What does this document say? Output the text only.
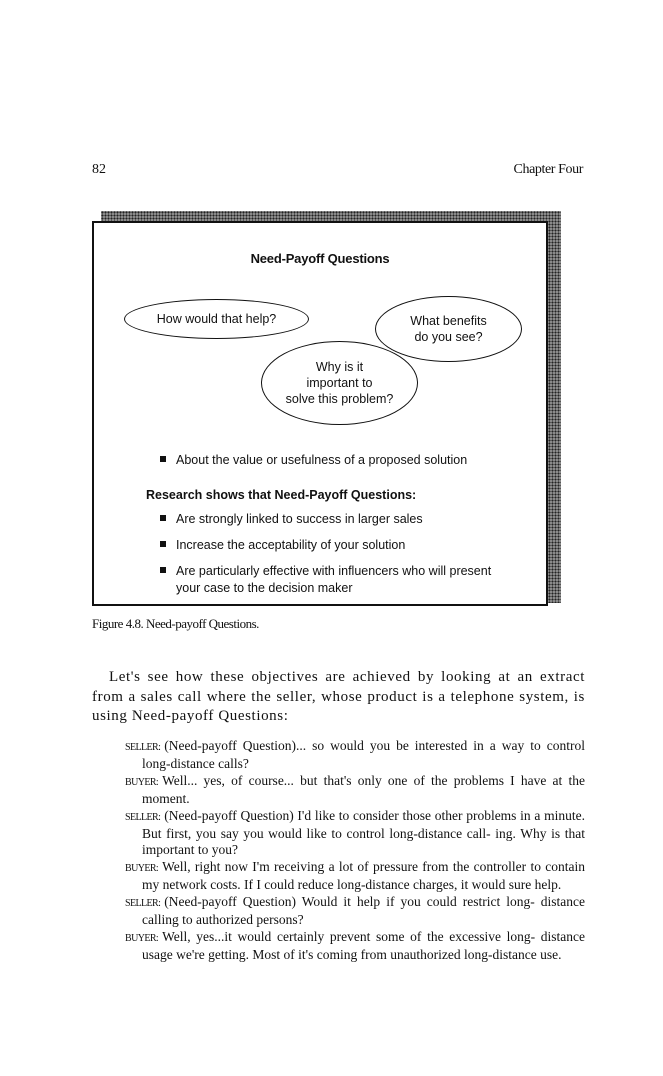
82	Chapter Four
Need-Payoff Questions
How would that help?	What benefits
do you see?
Why is it
important to
solve this problem?
About the value or usefulness of a proposed solution
Research shows that Need-Payoff Questions:
Are strongly linked to success in larger sales
Increase the acceptability of your solution
Are particularly effective with influencers who will present your case to the decision maker
Figure 4.8. Need-payoff Questions.

Let's see how these objectives are achieved by looking at an extract from a sales call where the seller, whose product is a telephone system, is using Need-payoff Questions:

SELLER: (Need-payoff Question)... so would you be interested in a way to control long-distance calls?

BUYER: Well... yes, of course... but that's only one of the problems I have at the moment.

SELLER: (Need-payoff Question) I'd like to consider those other problems in a minute. But first, you say you would like to control long-distance call- ing. Why is that important to you?

BUYER: Well, right now I'm receiving a lot of pressure from the controller to contain my network costs. If I could reduce long-distance charges, it would sure help.

SELLER: (Need-payoff Question) Would it help if you could restrict long- distance calling to authorized persons?

BUYER: Well, yes...it would certainly prevent some of the excessive long- distance usage we're getting. Most of it's coming from unauthorized long-distance use.
